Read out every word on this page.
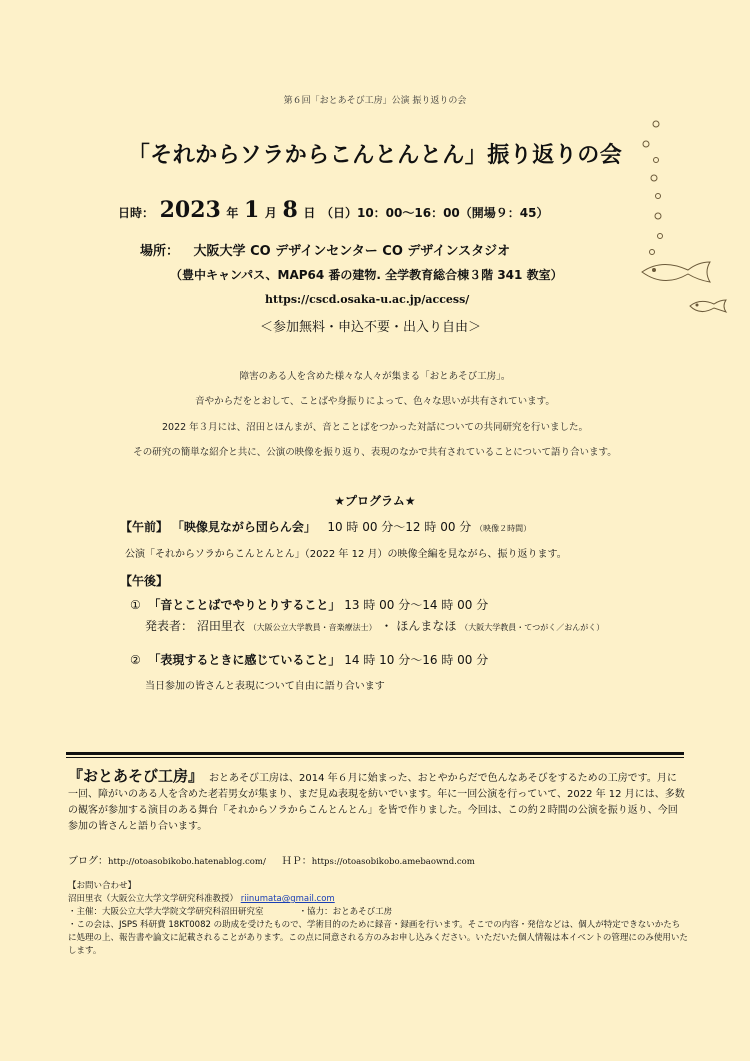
第６回「おとあそび工房」公演 振り返りの会
「それからソラからこんとんとん」振り返りの会
日時： 2023 年 1 月 8 日 （日）10：00〜16：00（開場９：45）
場所： 大阪大学 CO デザインセンター CO デザインスタジオ
（豊中キャンパス、MAP64 番の建物. 全学教育総合棟３階 341 教室）
https://cscd.osaka-u.ac.jp/access/
＜参加無料・申込不要・出入り自由＞
障害のある人を含めた様々な人々が集まる「おとあそび工房」。
音やからだをとおして、ことばや身振りによって、色々な思いが共有されています。
2022 年３月には、沼田とほんまが、音とことばをつかった対話についての共同研究を行いました。
その研究の簡単な紹介と共に、公演の映像を振り返り、表現のなかで共有されていることについて語り合います。
★プログラム★
【午前】 「映像見ながら団らん会」 10 時 00 分〜12 時 00 分 （映像２時間）
公演「それからソラからこんとんとん」（2022 年 12 月）の映像全編を見ながら、振り返ります。
【午後】
① 「音とことばでやりとりすること」 13 時 00 分〜14 時 00 分
発表者： 沼田里衣 （大阪公立大学教員・音楽療法士） ・ ほんまなほ （大阪大学教員・てつがく／おんがく）
② 「表現するときに感じていること」 14 時 10 分〜16 時 00 分
当日参加の皆さんと表現について自由に語り合います
『おとあそび工房』 おとあそび工房は、2014 年６月に始まった、おとやからだで色んなあそびをするための工房です。月に一回、障がいのある人を含めた老若男女が集まり、まだ見ぬ表現を紡いでいます。年に一回公演を行っていて、2022 年 12 月には、多数の観客が参加する演目のある舞台「それからソラからこんとんとん」を皆で作りました。今回は、この約２時間の公演を振り返り、今回参加の皆さんと語り合います。
ブログ：http://otoasobikobo.hatenablog.com/ ＨＰ：https://otoasobikobo.amebaownd.com
【お問い合わせ】
沼田里衣（大阪公立大学文学研究科准教授） riinumata@gmail.com
・主催：大阪公立大学大学院文学研究科沼田研究室	・協力：おとあそび工房
・この会は、JSPS 科研費 18KT0082 の助成を受けたもので、学術目的のために録音・録画を行います。そこでの内容・発信などは、個人が特定できないかたちに処理の上、報告書や論文に記載されることがあります。この点に同意される方のみお申し込みください。いただいた個人情報は本イベントの管理にのみ使用いたします。
